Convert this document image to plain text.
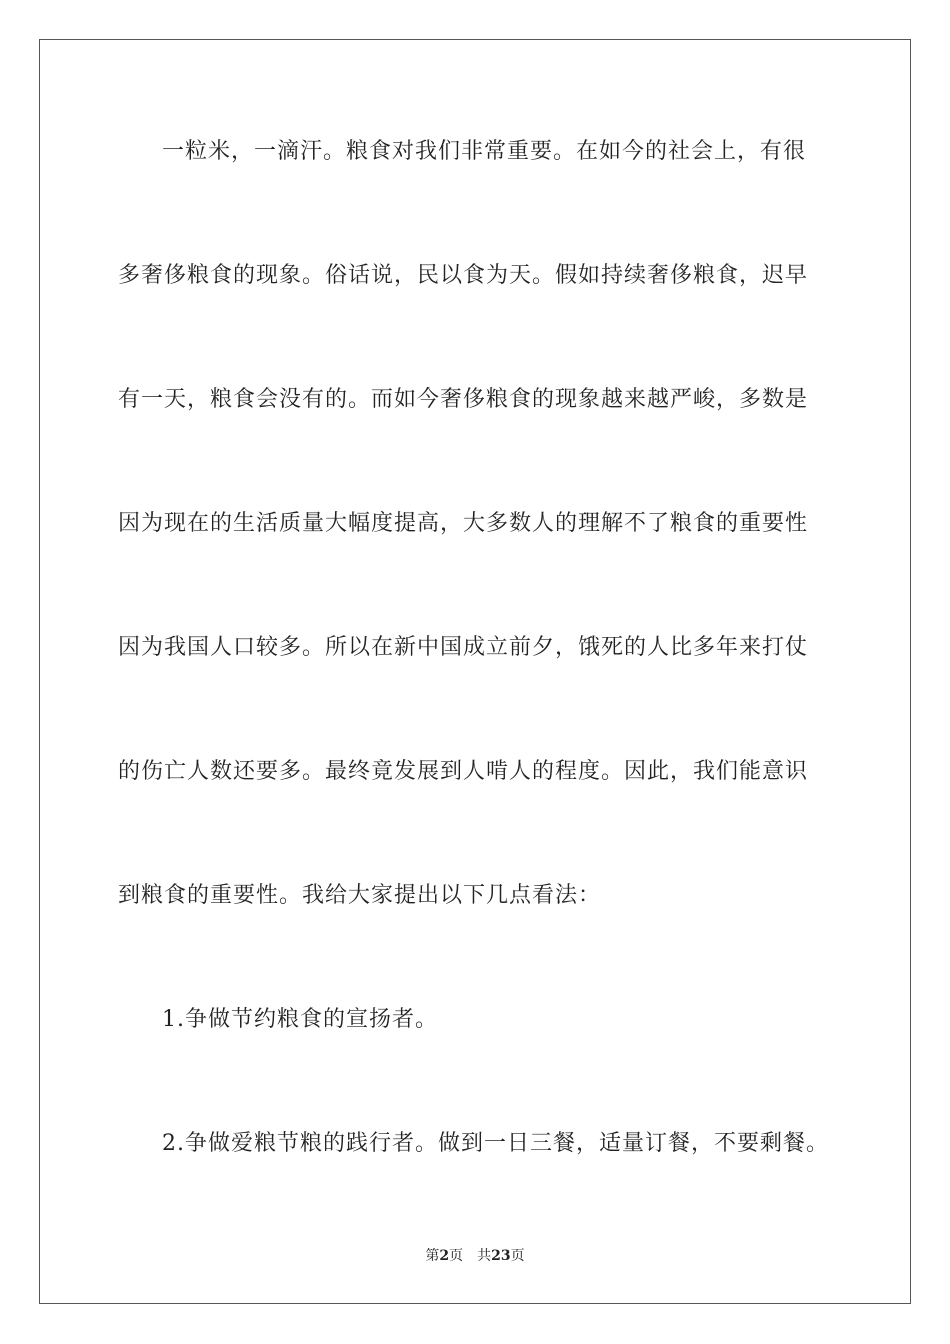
一粒米，一滴汗。粮食对我们非常重要。在如今的社会上，有很
多奢侈粮食的现象。俗话说，民以食为天。假如持续奢侈粮食，迟早
有一天，粮食会没有的。而如今奢侈粮食的现象越来越严峻，多数是
因为现在的生活质量大幅度提高，大多数人的理解不了粮食的重要性
因为我国人口较多。所以在新中国成立前夕，饿死的人比多年来打仗
的伤亡人数还要多。最终竟发展到人啃人的程度。因此，我们能意识
到粮食的重要性。我给大家提出以下几点看法：
1.争做节约粮食的宣扬者。
2.争做爱粮节粮的践行者。做到一日三餐，适量订餐，不要剩餐。
第2页 共23页
